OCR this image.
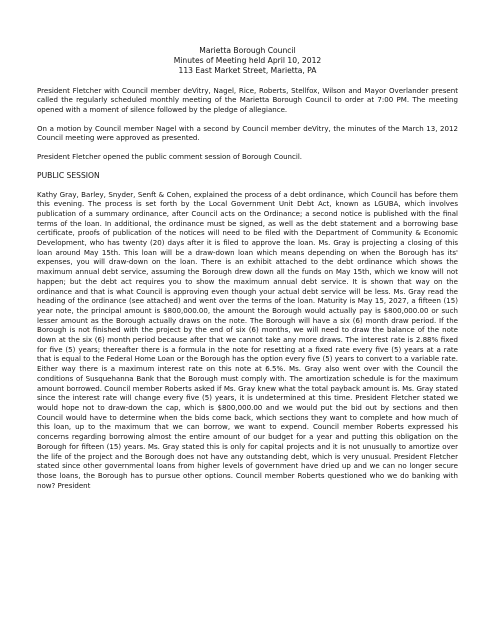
Marietta Borough Council
Minutes of Meeting held April 10, 2012
113 East Market Street, Marietta, PA

President Fletcher with Council member deVitry, Nagel, Rice, Roberts, Stellfox, Wilson and Mayor Overlander present called the regularly scheduled monthly meeting of the Marietta Borough Council to order at 7:00 PM. The meeting opened with a moment of silence followed by the pledge of allegiance.

On a motion by Council member Nagel with a second by Council member deVitry, the minutes of the March 13, 2012 Council meeting were approved as presented.

President Fletcher opened the public comment session of Borough Council.

PUBLIC SESSION

Kathy Gray, Barley, Snyder, Senft & Cohen, explained the process of a debt ordinance, which Council has before them this evening. The process is set forth by the Local Government Unit Debt Act, known as LGUBA, which involves publication of a summary ordinance, after Council acts on the Ordinance; a second notice is published with the final terms of the loan. In additional, the ordinance must be signed, as well as the debt statement and a borrowing base certificate, proofs of publication of the notices will need to be filed with the Department of Community & Economic Development, who has twenty (20) days after it is filed to approve the loan. Ms. Gray is projecting a closing of this loan around May 15th. This loan will be a draw-down loan which means depending on when the Borough has its' expenses, you will draw-down on the loan. There is an exhibit attached to the debt ordinance which shows the maximum annual debt service, assuming the Borough drew down all the funds on May 15th, which we know will not happen; but the debt act requires you to show the maximum annual debt service. It is shown that way on the ordinance and that is what Council is approving even though your actual debt service will be less. Ms. Gray read the heading of the ordinance (see attached) and went over the terms of the loan. Maturity is May 15, 2027, a fifteen (15) year note, the principal amount is $800,000.00, the amount the Borough would actually pay is $800,000.00 or such lesser amount as the Borough actually draws on the note. The Borough will have a six (6) month draw period. If the Borough is not finished with the project by the end of six (6) months, we will need to draw the balance of the note down at the six (6) month period because after that we cannot take any more draws. The interest rate is 2.88% fixed for five (5) years; thereafter there is a formula in the note for resetting at a fixed rate every five (5) years at a rate that is equal to the Federal Home Loan or the Borough has the option every five (5) years to convert to a variable rate. Either way there is a maximum interest rate on this note at 6.5%. Ms. Gray also went over with the Council the conditions of Susquehanna Bank that the Borough must comply with. The amortization schedule is for the maximum amount borrowed. Council member Roberts asked if Ms. Gray knew what the total payback amount is. Ms. Gray stated since the interest rate will change every five (5) years, it is undetermined at this time. President Fletcher stated we would hope not to draw-down the cap, which is $800,000.00 and we would put the bid out by sections and then Council would have to determine when the bids come back, which sections they want to complete and how much of this loan, up to the maximum that we can borrow, we want to expend. Council member Roberts expressed his concerns regarding borrowing almost the entire amount of our budget for a year and putting this obligation on the Borough for fifteen (15) years. Ms. Gray stated this is only for capital projects and it is not unusually to amortize over the life of the project and the Borough does not have any outstanding debt, which is very unusual. President Fletcher stated since other governmental loans from higher levels of government have dried up and we can no longer secure those loans, the Borough has to pursue other options. Council member Roberts questioned who we do banking with now? President
